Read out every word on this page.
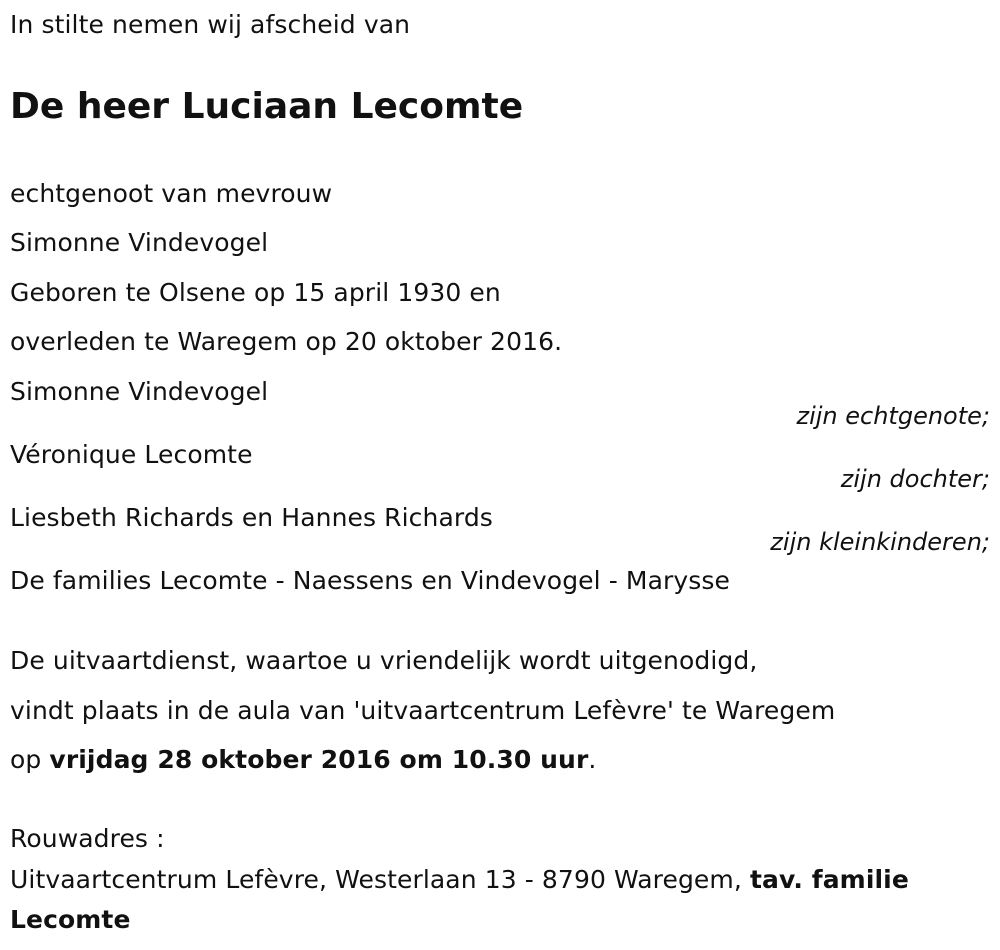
In stilte nemen wij afscheid van
De heer Luciaan Lecomte
echtgenoot van mevrouw
Simonne Vindevogel
Geboren te Olsene op 15 april 1930 en
overleden te Waregem op 20 oktober 2016.
Simonne Vindevogel
zijn echtgenote;
Véronique Lecomte
zijn dochter;
Liesbeth Richards en Hannes Richards
zijn kleinkinderen;
De families Lecomte - Naessens en Vindevogel - Marysse
De uitvaartdienst, waartoe u vriendelijk wordt uitgenodigd,
vindt plaats in de aula van 'uitvaartcentrum Lefèvre' te Waregem
op vrijdag 28 oktober 2016 om 10.30 uur.
Rouwadres :
Uitvaartcentrum Lefèvre, Westerlaan 13 - 8790 Waregem, tav. familie
Lecomte
